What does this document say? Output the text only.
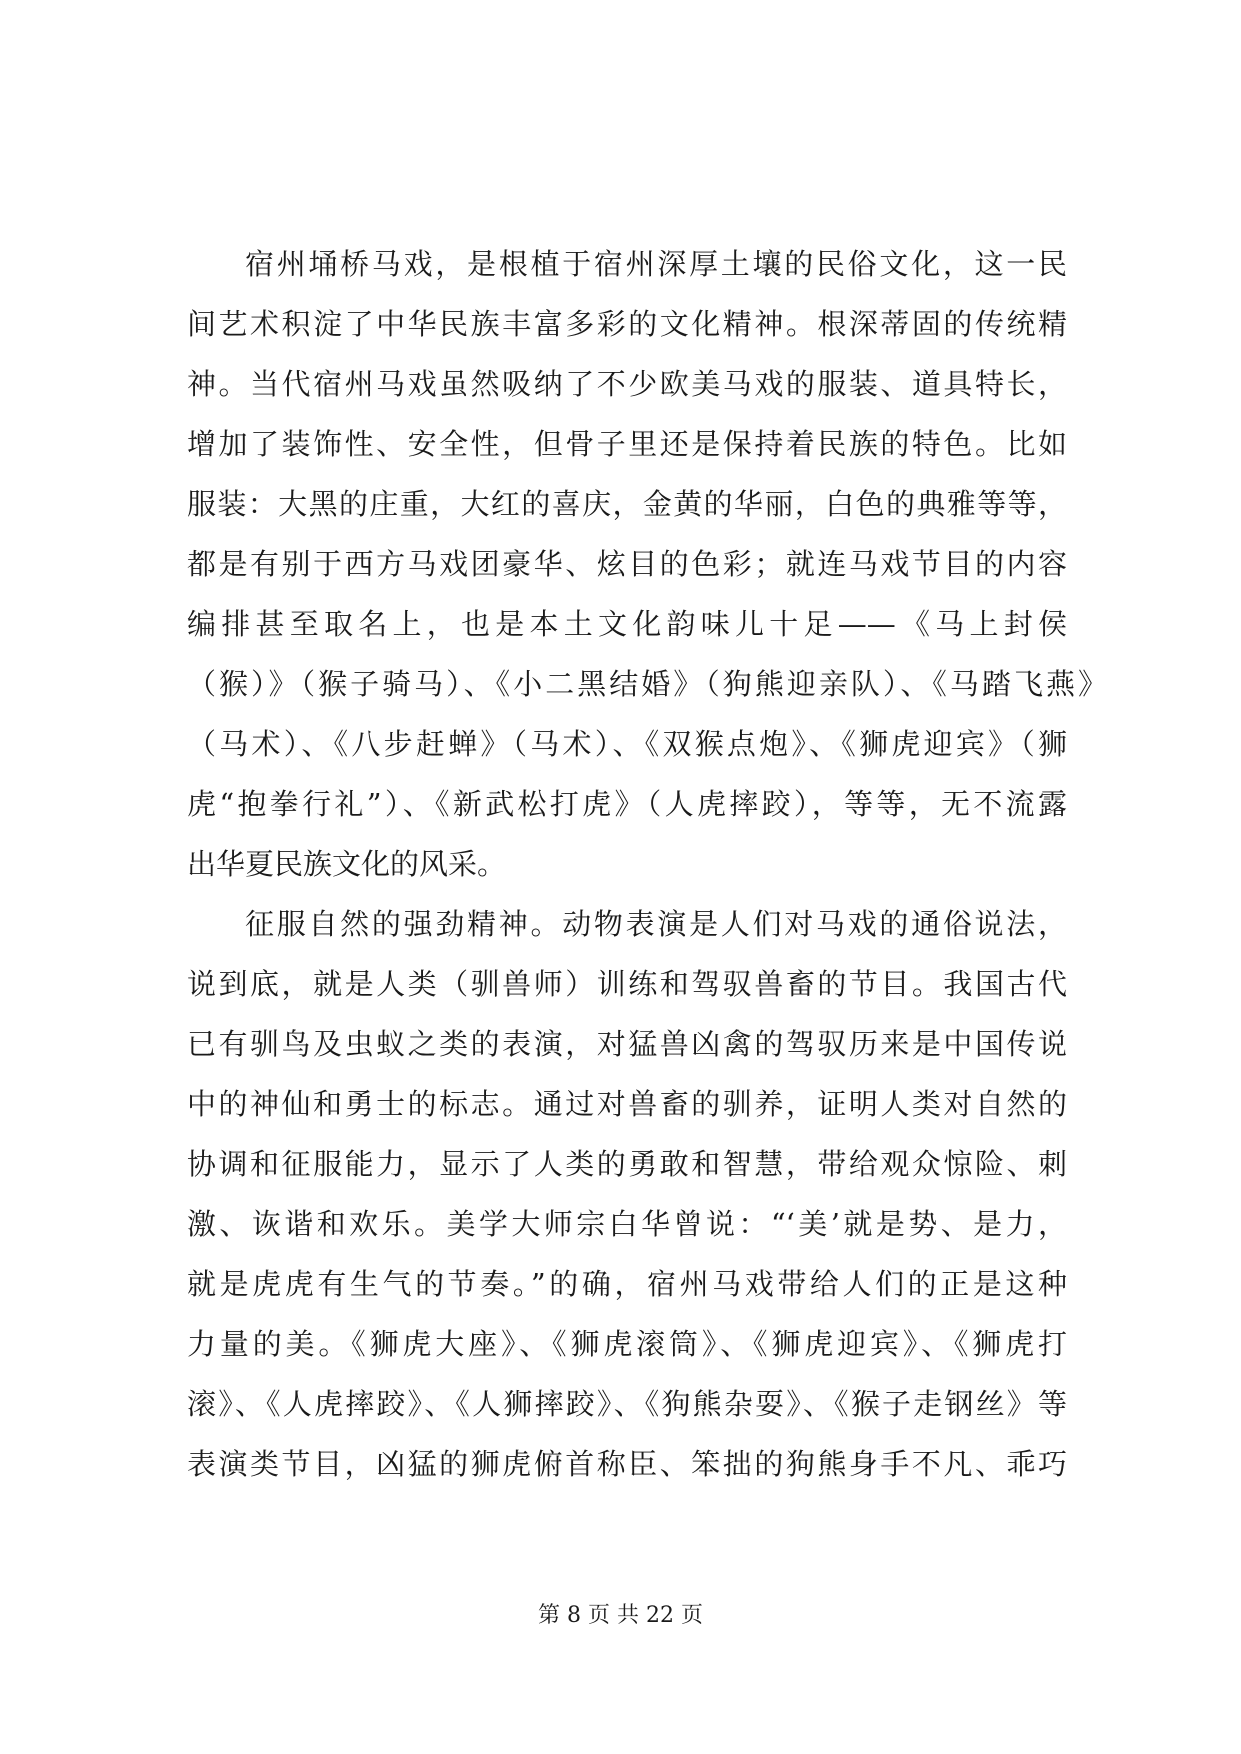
宿州埇桥马戏，是根植于宿州深厚土壤的民俗文化，这一民
间艺术积淀了中华民族丰富多彩的文化精神。根深蒂固的传统精
神。当代宿州马戏虽然吸纳了不少欧美马戏的服装、道具特长，
增加了装饰性、安全性，但骨子里还是保持着民族的特色。比如
服装：大黑的庄重，大红的喜庆，金黄的华丽，白色的典雅等等，
都是有别于西方马戏团豪华、炫目的色彩；就连马戏节目的内容
编排甚至取名上，也是本土文化韵味儿十足——《马上封侯
（猴）》（猴子骑马）、《小二黑结婚》（狗熊迎亲队）、《马踏飞燕》
（马术）、《八步赶蝉》（马术）、《双猴点炮》、《狮虎迎宾》（狮
虎“抱拳行礼”）、《新武松打虎》（人虎摔跤），等等，无不流露
出华夏民族文化的风采。
征服自然的强劲精神。动物表演是人们对马戏的通俗说法，
说到底，就是人类（驯兽师）训练和驾驭兽畜的节目。我国古代
已有驯鸟及虫蚁之类的表演，对猛兽凶禽的驾驭历来是中国传说
中的神仙和勇士的标志。通过对兽畜的驯养，证明人类对自然的
协调和征服能力，显示了人类的勇敢和智慧，带给观众惊险、刺
激、诙谐和欢乐。美学大师宗白华曾说：“‘美’就是势、是力，
就是虎虎有生气的节奏。”的确，宿州马戏带给人们的正是这种
力量的美。《狮虎大座》、《狮虎滚筒》、《狮虎迎宾》、《狮虎打
滚》、《人虎摔跤》、《人狮摔跤》、《狗熊杂耍》、《猴子走钢丝》等
表演类节目，凶猛的狮虎俯首称臣、笨拙的狗熊身手不凡、乖巧
第 8 页 共 22 页
